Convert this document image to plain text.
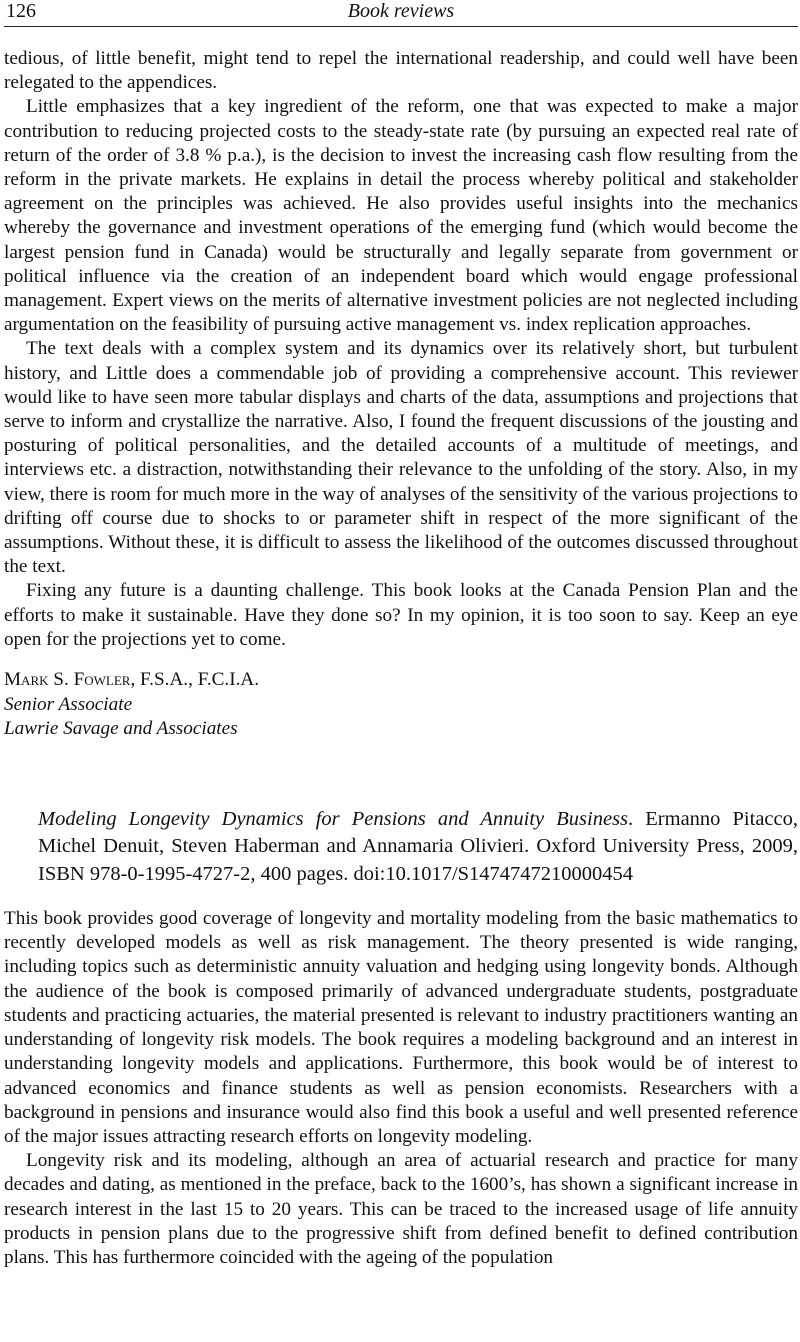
126	Book reviews

tedious, of little benefit, might tend to repel the international readership, and could well have been relegated to the appendices.

Little emphasizes that a key ingredient of the reform, one that was expected to make a major contribution to reducing projected costs to the steady-state rate (by pursuing an expected real rate of return of the order of 3.8 % p.a.), is the decision to invest the increasing cash flow resulting from the reform in the private markets. He explains in detail the process whereby political and stakeholder agreement on the principles was achieved. He also provides useful insights into the mechanics whereby the governance and investment operations of the emerging fund (which would become the largest pension fund in Canada) would be structurally and legally separate from government or political influence via the creation of an independent board which would engage professional management. Expert views on the merits of alternative investment policies are not neglected including argumentation on the feasibility of pursuing active management vs. index replication approaches.

The text deals with a complex system and its dynamics over its relatively short, but turbulent history, and Little does a commendable job of providing a comprehensive account. This reviewer would like to have seen more tabular displays and charts of the data, assumptions and projections that serve to inform and crystallize the narrative. Also, I found the frequent discussions of the jousting and posturing of political personalities, and the detailed accounts of a multitude of meetings, and interviews etc. a distraction, notwithstanding their relevance to the unfolding of the story. Also, in my view, there is room for much more in the way of analyses of the sensitivity of the various projections to drifting off course due to shocks to or parameter shift in respect of the more significant of the assumptions. Without these, it is difficult to assess the likelihood of the outcomes discussed throughout the text.

Fixing any future is a daunting challenge. This book looks at the Canada Pension Plan and the efforts to make it sustainable. Have they done so? In my opinion, it is too soon to say. Keep an eye open for the projections yet to come.

Mark S. Fowler, F.S.A., F.C.I.A.
Senior Associate
Lawrie Savage and Associates
Modeling Longevity Dynamics for Pensions and Annuity Business. Ermanno Pitacco, Michel Denuit, Steven Haberman and Annamaria Olivieri. Oxford University Press, 2009, ISBN 978-0-1995-4727-2, 400 pages. doi:10.1017/S1474747210000454

This book provides good coverage of longevity and mortality modeling from the basic mathematics to recently developed models as well as risk management. The theory presented is wide ranging, including topics such as deterministic annuity valuation and hedging using longevity bonds. Although the audience of the book is composed primarily of advanced undergraduate students, postgraduate students and practicing actuaries, the material presented is relevant to industry practitioners wanting an understanding of longevity risk models. The book requires a modeling background and an interest in understanding longevity models and applications. Furthermore, this book would be of interest to advanced economics and finance students as well as pension economists. Researchers with a background in pensions and insurance would also find this book a useful and well presented reference of the major issues attracting research efforts on longevity modeling.

Longevity risk and its modeling, although an area of actuarial research and practice for many decades and dating, as mentioned in the preface, back to the 1600’s, has shown a significant increase in research interest in the last 15 to 20 years. This can be traced to the increased usage of life annuity products in pension plans due to the progressive shift from defined benefit to defined contribution plans. This has furthermore coincided with the ageing of the population
